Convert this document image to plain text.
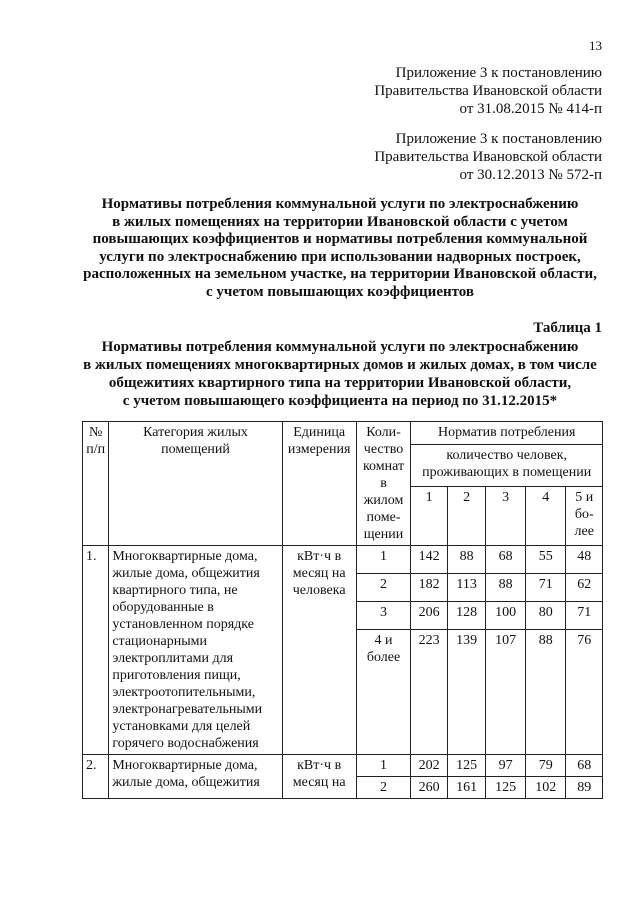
13
Приложение 3 к постановлению
Правительства Ивановской области
от 31.08.2015 № 414-п
Приложение 3 к постановлению
Правительства Ивановской области
от 30.12.2013 № 572-п
Нормативы потребления коммунальной услуги по электроснабжению
в жилых помещениях на территории Ивановской области с учетом
повышающих коэффициентов и нормативы потребления коммунальной
услуги по электроснабжению при использовании надворных построек,
расположенных на земельном участке, на территории Ивановской области,
с учетом повышающих коэффициентов
Таблица 1
Нормативы потребления коммунальной услуги по электроснабжению
в жилых помещениях многоквартирных домов и жилых домах, в том числе
общежитиях квартирного типа на территории Ивановской области,
с учетом повышающего коэффициента на период по 31.12.2015*
№ п/п	Категория жилых помещений	Единица измерения	Коли- чество комнат в жилом поме- щении	Норматив потребления				
				количество человек, проживающих в помещении				
				1	2	3	4	5 и бо- лее
1.	Многоквартирные дома, жилые дома, общежития квартирного типа, не оборудованные в установленном порядке стационарными электроплитами для приготовления пищи, электроотопительными, электронагревательными установками для целей горячего водоснабжения	кВт·ч в месяц на человека	1	142	88	68	55	48
			2	182	113	88	71	62
			3	206	128	100	80	71
			4 и более	223	139	107	88	76
2.	Многоквартирные дома, жилые дома, общежития	кВт·ч в месяц на	1	202	125	97	79	68
			2	260	161	125	102	89
